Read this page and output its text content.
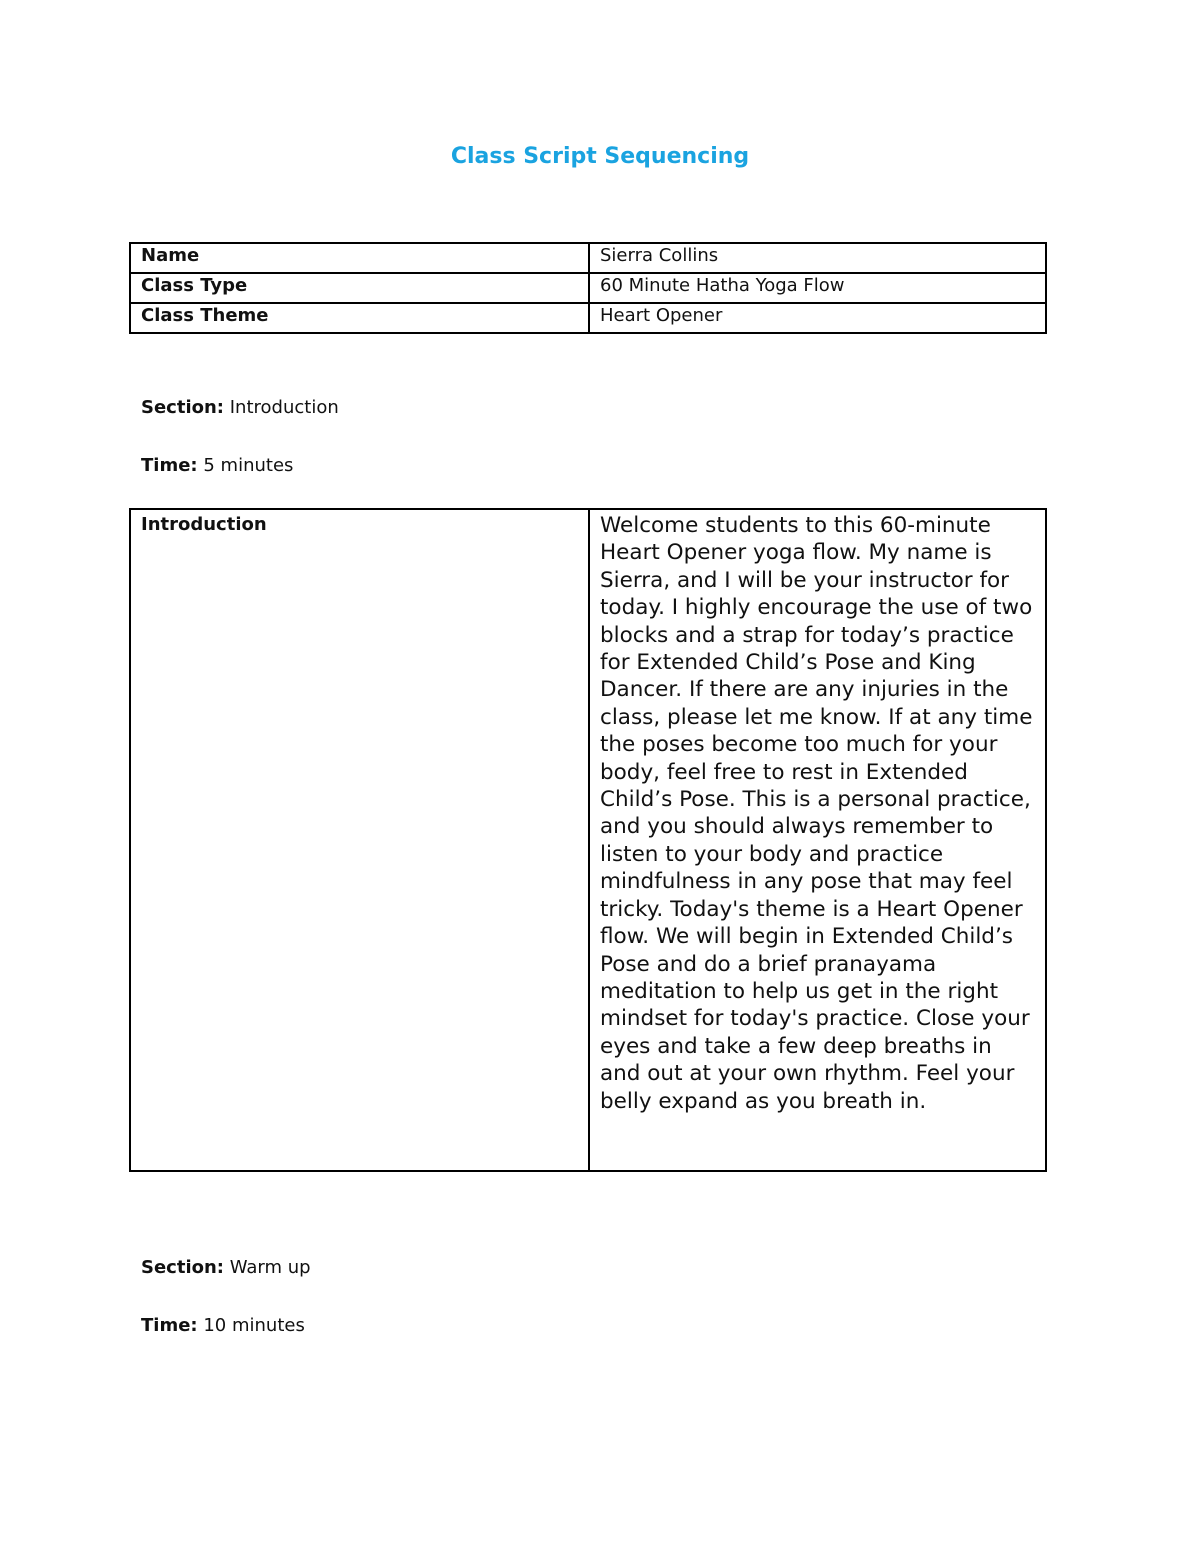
Class Script Sequencing
Name	Sierra Collins
Class Type	60 Minute Hatha Yoga Flow
Class Theme	Heart Opener
Section: Introduction
Time: 5 minutes
Introduction	Welcome students to this 60-minute Heart Opener yoga flow. My name is Sierra, and I will be your instructor for today. I highly encourage the use of two blocks and a strap for today’s practice for Extended Child’s Pose and King Dancer. If there are any injuries in the class, please let me know. If at any time the poses become too much for your body, feel free to rest in Extended Child’s Pose. This is a personal practice, and you should always remember to listen to your body and practice mindfulness in any pose that may feel tricky. Today's theme is a Heart Opener flow. We will begin in Extended Child’s Pose and do a brief pranayama meditation to help us get in the right mindset for today's practice. Close your eyes and take a few deep breaths in and out at your own rhythm. Feel your belly expand as you breath in.
Section: Warm up
Time: 10 minutes
